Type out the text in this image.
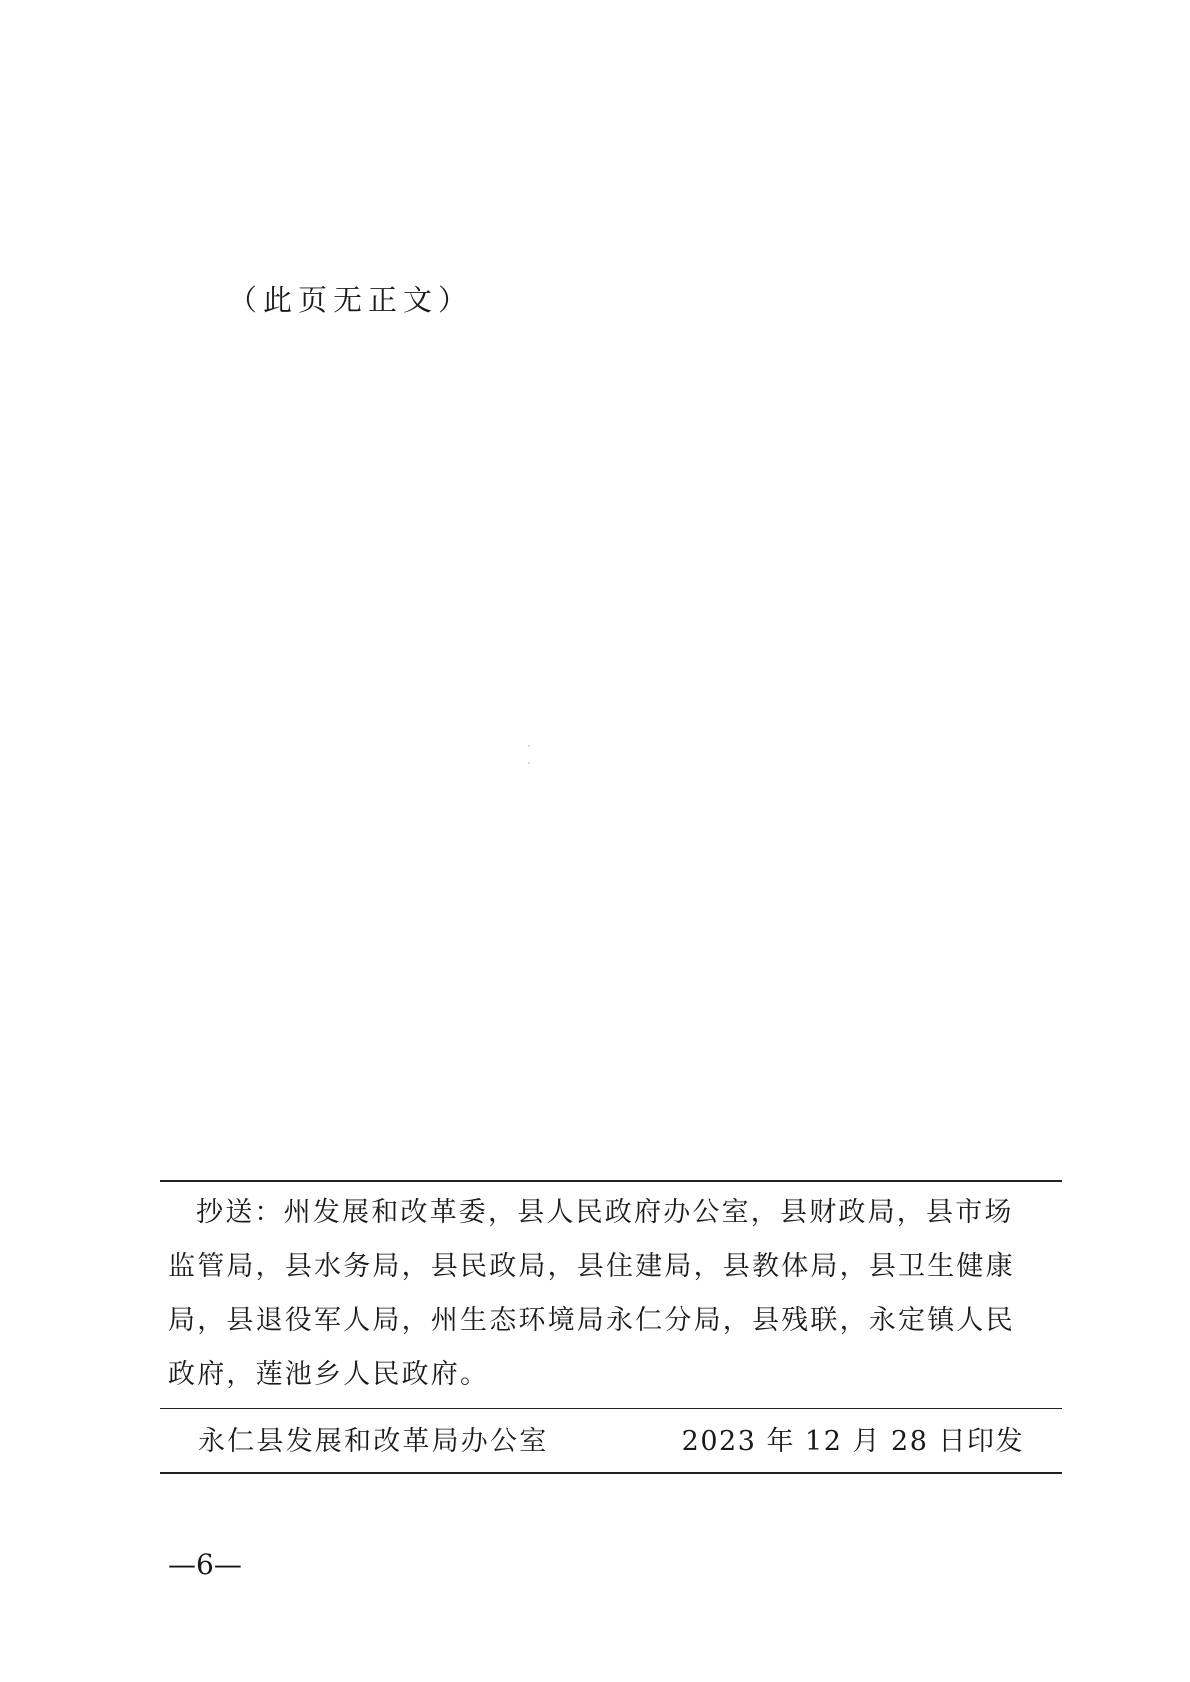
（此页无正文）
抄送：州发展和改革委，县人民政府办公室，县财政局，县市场
监管局，县水务局，县民政局，县住建局，县教体局，县卫生健康
局，县退役军人局，州生态环境局永仁分局，县残联，永定镇人民
政府，莲池乡人民政府。
永仁县发展和改革局办公室	2023 年 12 月 28 日印发
—6—
